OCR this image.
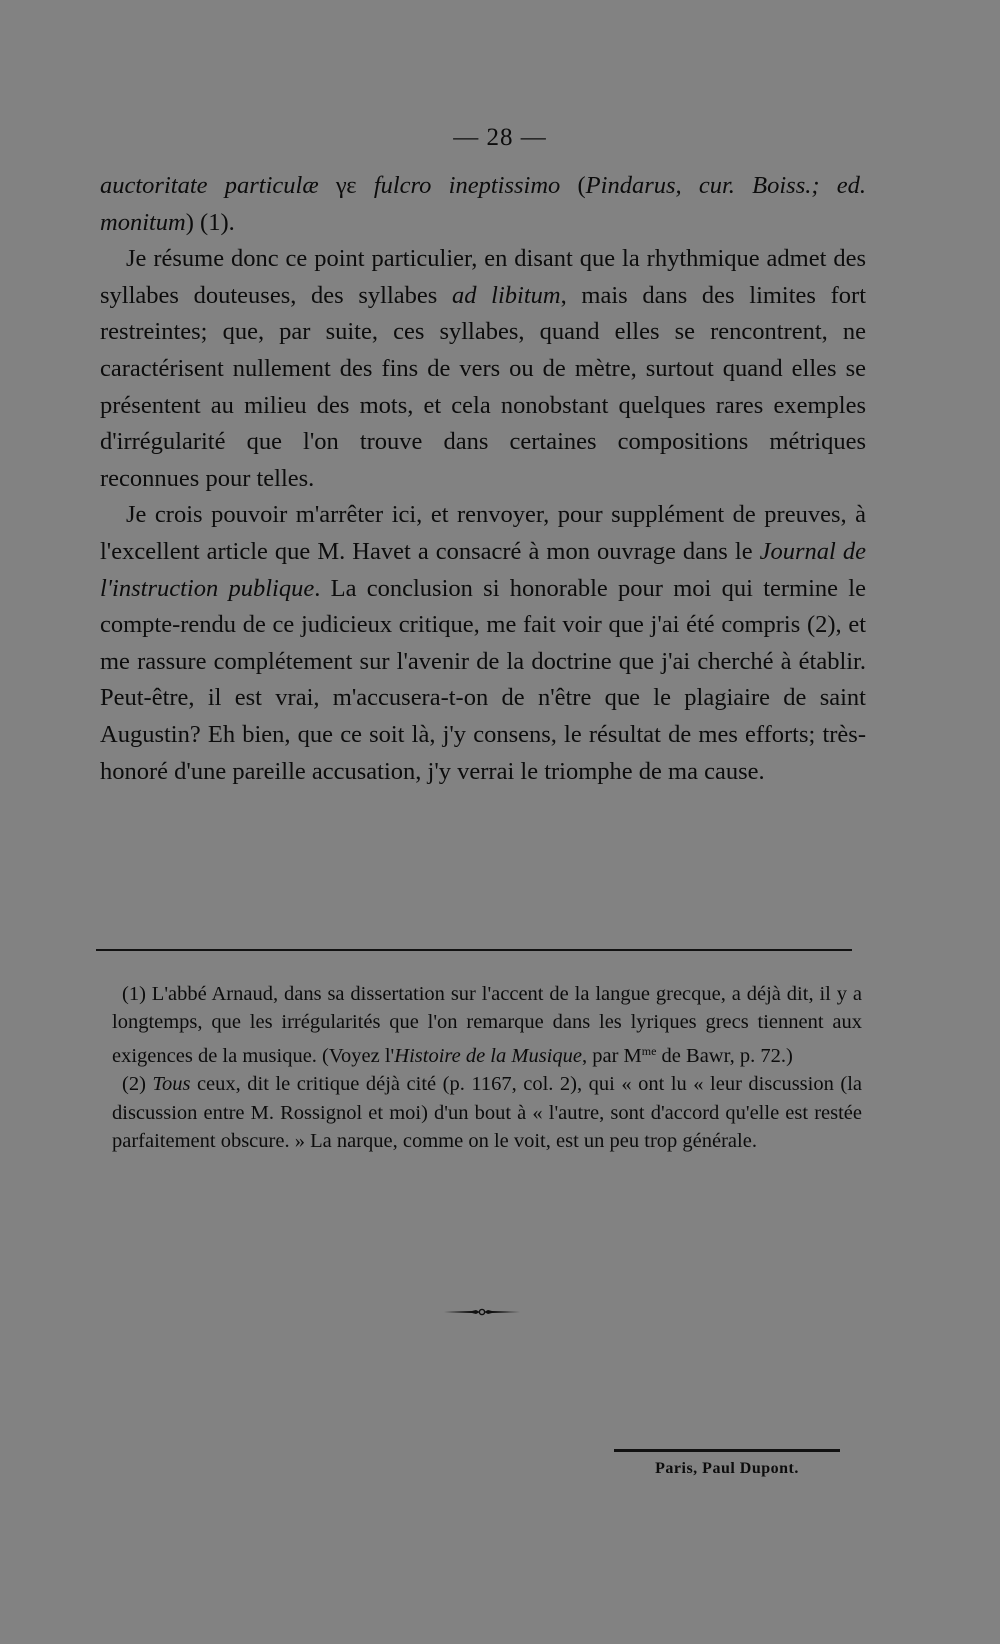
— 28 —

auctoritate particulæ γε fulcro ineptissimo (Pindarus, cur. Boiss.; ed. monitum) (1).

Je résume donc ce point particulier, en disant que la rhythmique admet des syllabes douteuses, des syllabes ad libitum, mais dans des limites fort restreintes; que, par suite, ces syllabes, quand elles se rencontrent, ne caractérisent nullement des fins de vers ou de mètre, surtout quand elles se présentent au milieu des mots, et cela nonobstant quelques rares exemples d'irrégularité que l'on trouve dans certaines compositions métriques reconnues pour telles.

Je crois pouvoir m'arrêter ici, et renvoyer, pour supplément de preuves, à l'excellent article que M. Havet a consacré à mon ouvrage dans le Journal de l'instruction publique. La conclusion si honorable pour moi qui termine le compte-rendu de ce judicieux critique, me fait voir que j'ai été compris (2), et me rassure complétement sur l'avenir de la doctrine que j'ai cherché à établir. Peut-être, il est vrai, m'accusera-t-on de n'être que le plagiaire de saint Augustin? Eh bien, que ce soit là, j'y consens, le résultat de mes efforts; très-honoré d'une pareille accusation, j'y verrai le triomphe de ma cause.

(1) L'abbé Arnaud, dans sa dissertation sur l'accent de la langue grecque, a déjà dit, il y a longtemps, que les irrégularités que l'on remarque dans les lyriques grecs tiennent aux exigences de la musique. (Voyez l'Histoire de la Musique, par $M^{me}$ de Bawr, p. 72.)

(2) Tous ceux, dit le critique déjà cité (p. 1167, col. 2), qui « ont lu « leur discussion (la discussion entre M. Rossignol et moi) d'un bout à « l'autre, sont d'accord qu'elle est restée parfaitement obscure. » La narque, comme on le voit, est un peu trop générale.

Paris, Paul Dupont.
